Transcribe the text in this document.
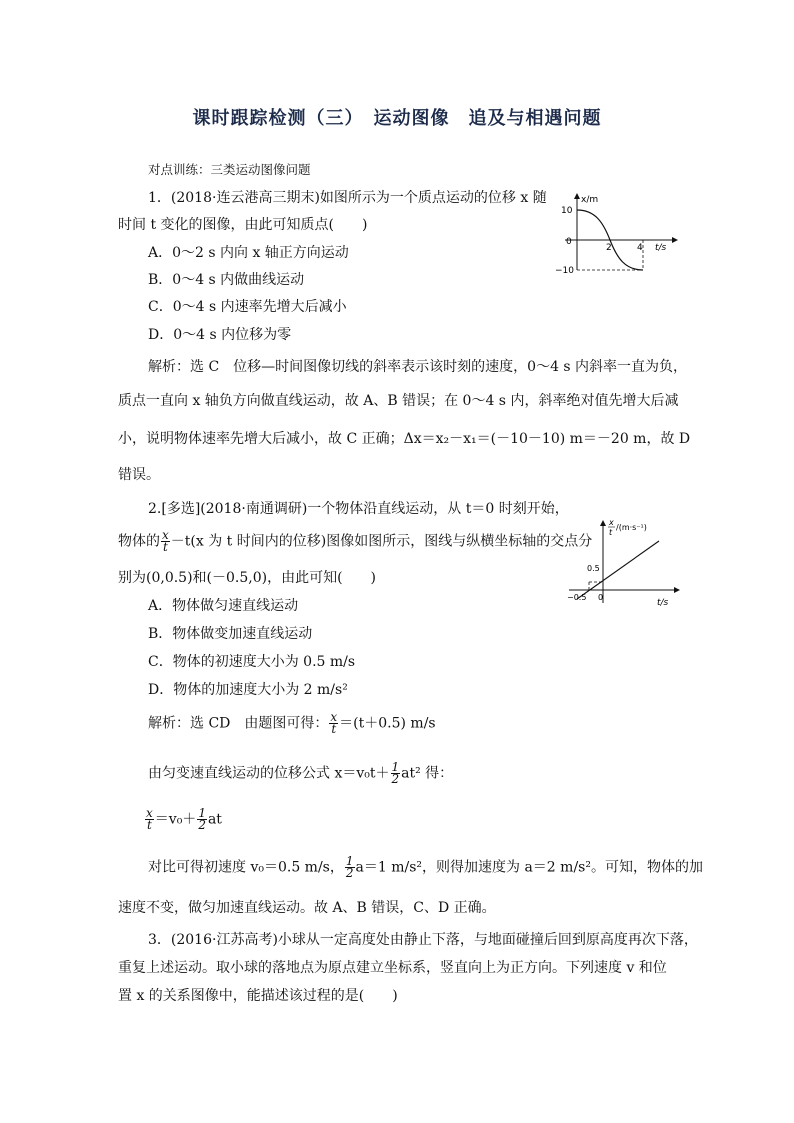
课时跟踪检测（三）　运动图像　追及与相遇问题
对点训练：三类运动图像问题
1．(2018·连云港高三期末)如图所示为一个质点运动的位移 x 随
时间 t 变化的图像，由此可知质点(　　)
A．0～2 s 内向 x 轴正方向运动
B．0～4 s 内做曲线运动
C．0～4 s 内速率先增大后减小
D．0～4 s 内位移为零
x/m
10
0
−10
2	4 t/s
解析：选 C　位移—时间图像切线的斜率表示该时刻的速度，0～4 s 内斜率一直为负，
质点一直向 x 轴负方向做直线运动，故 A、B 错误；在 0～4 s 内，斜率绝对值先增大后减
小，说明物体速率先增大后减小，故 C 正确；Δx＝x₂－x₁＝(－10－10) m＝－20 m，故 D
错误。
2.[多选](2018·南通调研)一个物体沿直线运动，从 t＝0 时刻开始，
物体的 $\frac{x}{t} -t(x$ 为 t 时间内的位移)图像如图所示，图线与纵横坐标轴的交点分
别为(0,0.5)和(－0.5,0)，由此可知(　　)
A．物体做匀速直线运动
B．物体做变加速直线运动
C．物体的初速度大小为 0.5 m/s
D．物体的加速度大小为 2 m/s²
x
t
/(m·s⁻¹)
0.5
−0.5 0
t/s
解析：选 CD　由题图可得： $\frac{x}{t} =(t+0.5)$ m/s
由匀变速直线运动的位移公式 $x=v_0t+ \frac{1}{2} at^2$ 得：
$\frac{x}{t} =v_0+ \frac{1}{2}$ at
对比可得初速度 v₀＝0.5 m/s， $\frac{1}{2} a=1$ m/s²，则得加速度为 a＝2 m/s²。可知，物体的加
速度不变，做匀加速直线运动。故 A、B 错误，C、D 正确。
3．(2016·江苏高考)小球从一定高度处由静止下落，与地面碰撞后回到原高度再次下落，
重复上述运动。取小球的落地点为原点建立坐标系，竖直向上为正方向。下列速度 v 和位
置 x 的关系图像中，能描述该过程的是(　　)
